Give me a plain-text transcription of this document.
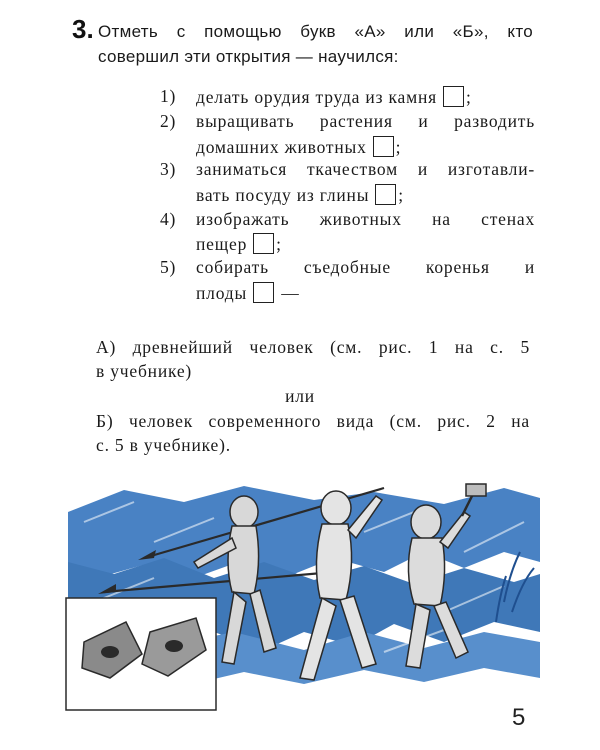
3. Отметь с помощью букв «А» или «Б», кто
совершил эти открытия — научился:
1)	делать орудия труда из камня ;
2)	выращивать растения и разводить
домашних животных ;
3)	заниматься ткачеством и изготавли-
вать посуду из глины ;
4)	изображать животных на стенах
пещер ;
5)	собирать съедобные коренья и
плоды —
А) древнейший человек (см. рис. 1 на с. 5
в учебнике)
или
Б) человек современного вида (см. рис. 2 на
с. 5 в учебнике).
5
